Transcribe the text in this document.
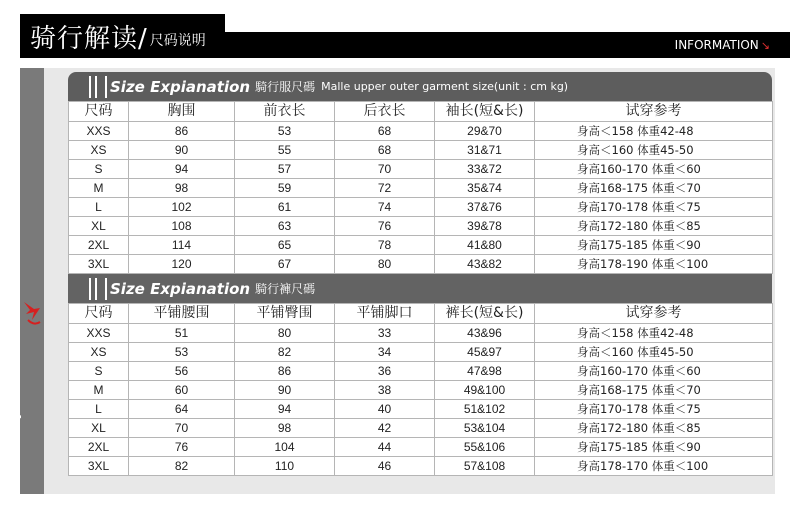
骑行解读/ 尺码说明	INFORMATION ↘
acacia
Size Expianation 騎行服尺碼 Malle upper outer garment size(unit : cm kg)
尺码	胸围	前衣长	后衣长	袖长(短&长)	试穿参考
XXS	86	53	68	29&70	身高＜158 体重42-48
XS	90	55	68	31&71	身高＜160 体重45-50
S	94	57	70	33&72	身高160-170 体重＜60
M	98	59	72	35&74	身高168-175 体重＜70
L	102	61	74	37&76	身高170-178 体重＜75
XL	108	63	76	39&78	身高172-180 体重＜85
2XL	114	65	78	41&80	身高175-185 体重＜90
3XL	120	67	80	43&82	身高178-190 体重＜100
Size Expianation 騎行褲尺碼
尺码	平铺腰围	平铺臀围	平铺脚口	裤长(短&长)	试穿参考
XXS	51	80	33	43&96	身高＜158 体重42-48
XS	53	82	34	45&97	身高＜160 体重45-50
S	56	86	36	47&98	身高160-170 体重＜60
M	60	90	38	49&100	身高168-175 体重＜70
L	64	94	40	51&102	身高170-178 体重＜75
XL	70	98	42	53&104	身高172-180 体重＜85
2XL	76	104	44	55&106	身高175-185 体重＜90
3XL	82	110	46	57&108	身高178-170 体重＜100
